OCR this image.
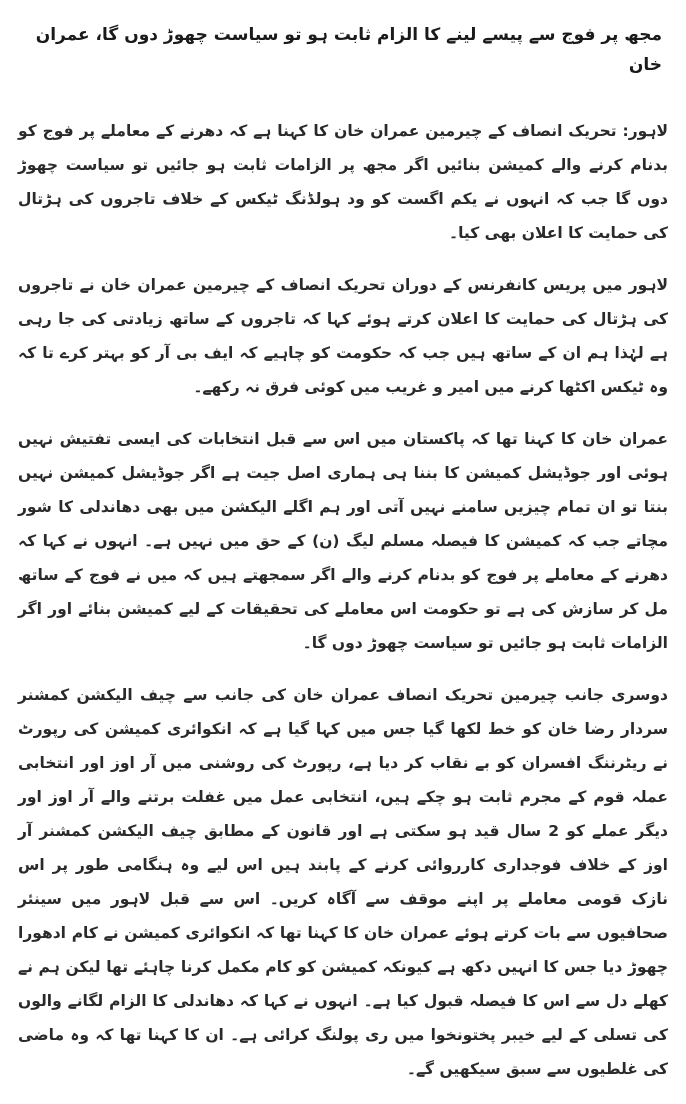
مجھ پر فوج سے پیسے لینے کا الزام ثابت ہو تو سیاست چھوڑ دوں گا، عمران خان

لاہور: تحریک انصاف کے چیرمین عمران خان کا کہنا ہے کہ دھرنے کے معاملے پر فوج کو بدنام کرنے والے کمیشن بنائیں اگر مجھ پر الزامات ثابت ہو جائیں تو سیاست چھوڑ دوں گا جب کہ انہوں نے یکم اگست کو ود ہولڈنگ ٹیکس کے خلاف تاجروں کی ہڑتال کی حمایت کا اعلان بھی کیا۔

لاہور میں پریس کانفرنس کے دوران تحریک انصاف کے چیرمین عمران خان نے تاجروں کی ہڑتال کی حمایت کا اعلان کرتے ہوئے کہا کہ تاجروں کے ساتھ زیادتی کی جا رہی ہے لہٰذا ہم ان کے ساتھ ہیں جب کہ حکومت کو چاہیے کہ ایف بی آر کو بہتر کرے تا کہ وہ ٹیکس اکٹھا کرنے میں امیر و غریب میں کوئی فرق نہ رکھے۔

عمران خان کا کہنا تھا کہ پاکستان میں اس سے قبل انتخابات کی ایسی تفتیش نہیں ہوئی اور جوڈیشل کمیشن کا بننا ہی ہماری اصل جیت ہے اگر جوڈیشل کمیشن نہیں بنتا تو ان تمام چیزیں سامنے نہیں آتی اور ہم اگلے الیکشن میں بھی دھاندلی کا شور مچاتے جب کہ کمیشن کا فیصلہ مسلم لیگ (ن) کے حق میں نہیں ہے۔ انہوں نے کہا کہ دھرنے کے معاملے پر فوج کو بدنام کرنے والے اگر سمجھتے ہیں کہ میں نے فوج کے ساتھ مل کر سازش کی ہے تو حکومت اس معاملے کی تحقیقات کے لیے کمیشن بنائے اور اگر الزامات ثابت ہو جائیں تو سیاست چھوڑ دوں گا۔

دوسری جانب چیرمین تحریک انصاف عمران خان کی جانب سے چیف الیکشن کمشنر سردار رضا خان کو خط لکھا گیا جس میں کہا گیا ہے کہ انکوائری کمیشن کی رپورٹ نے ریٹرننگ افسران کو بے نقاب کر دیا ہے، رپورٹ کی روشنی میں آر اوز اور انتخابی عملہ قوم کے مجرم ثابت ہو چکے ہیں، انتخابی عمل میں غفلت برتنے والے آر اوز اور دیگر عملے کو 2 سال قید ہو سکتی ہے اور قانون کے مطابق چیف الیکشن کمشنر آر اوز کے خلاف فوجداری کارروائی کرنے کے پابند ہیں اس لیے وہ ہنگامی طور پر اس نازک قومی معاملے پر اپنے موقف سے آگاہ کریں۔ اس سے قبل لاہور میں سینئر صحافیوں سے بات کرتے ہوئے عمران خان کا کہنا تھا کہ انکوائری کمیشن نے کام ادھورا چھوڑ دیا جس کا انہیں دکھ ہے کیونکہ کمیشن کو کام مکمل کرنا چاہئے تھا لیکن ہم نے کھلے دل سے اس کا فیصلہ قبول کیا ہے۔ انہوں نے کہا کہ دھاندلی کا الزام لگانے والوں کی تسلی کے لیے خیبر پختونخوا میں ری پولنگ کرائی ہے۔ ان کا کہنا تھا کہ وہ ماضی کی غلطیوں سے سبق سیکھیں گے۔
